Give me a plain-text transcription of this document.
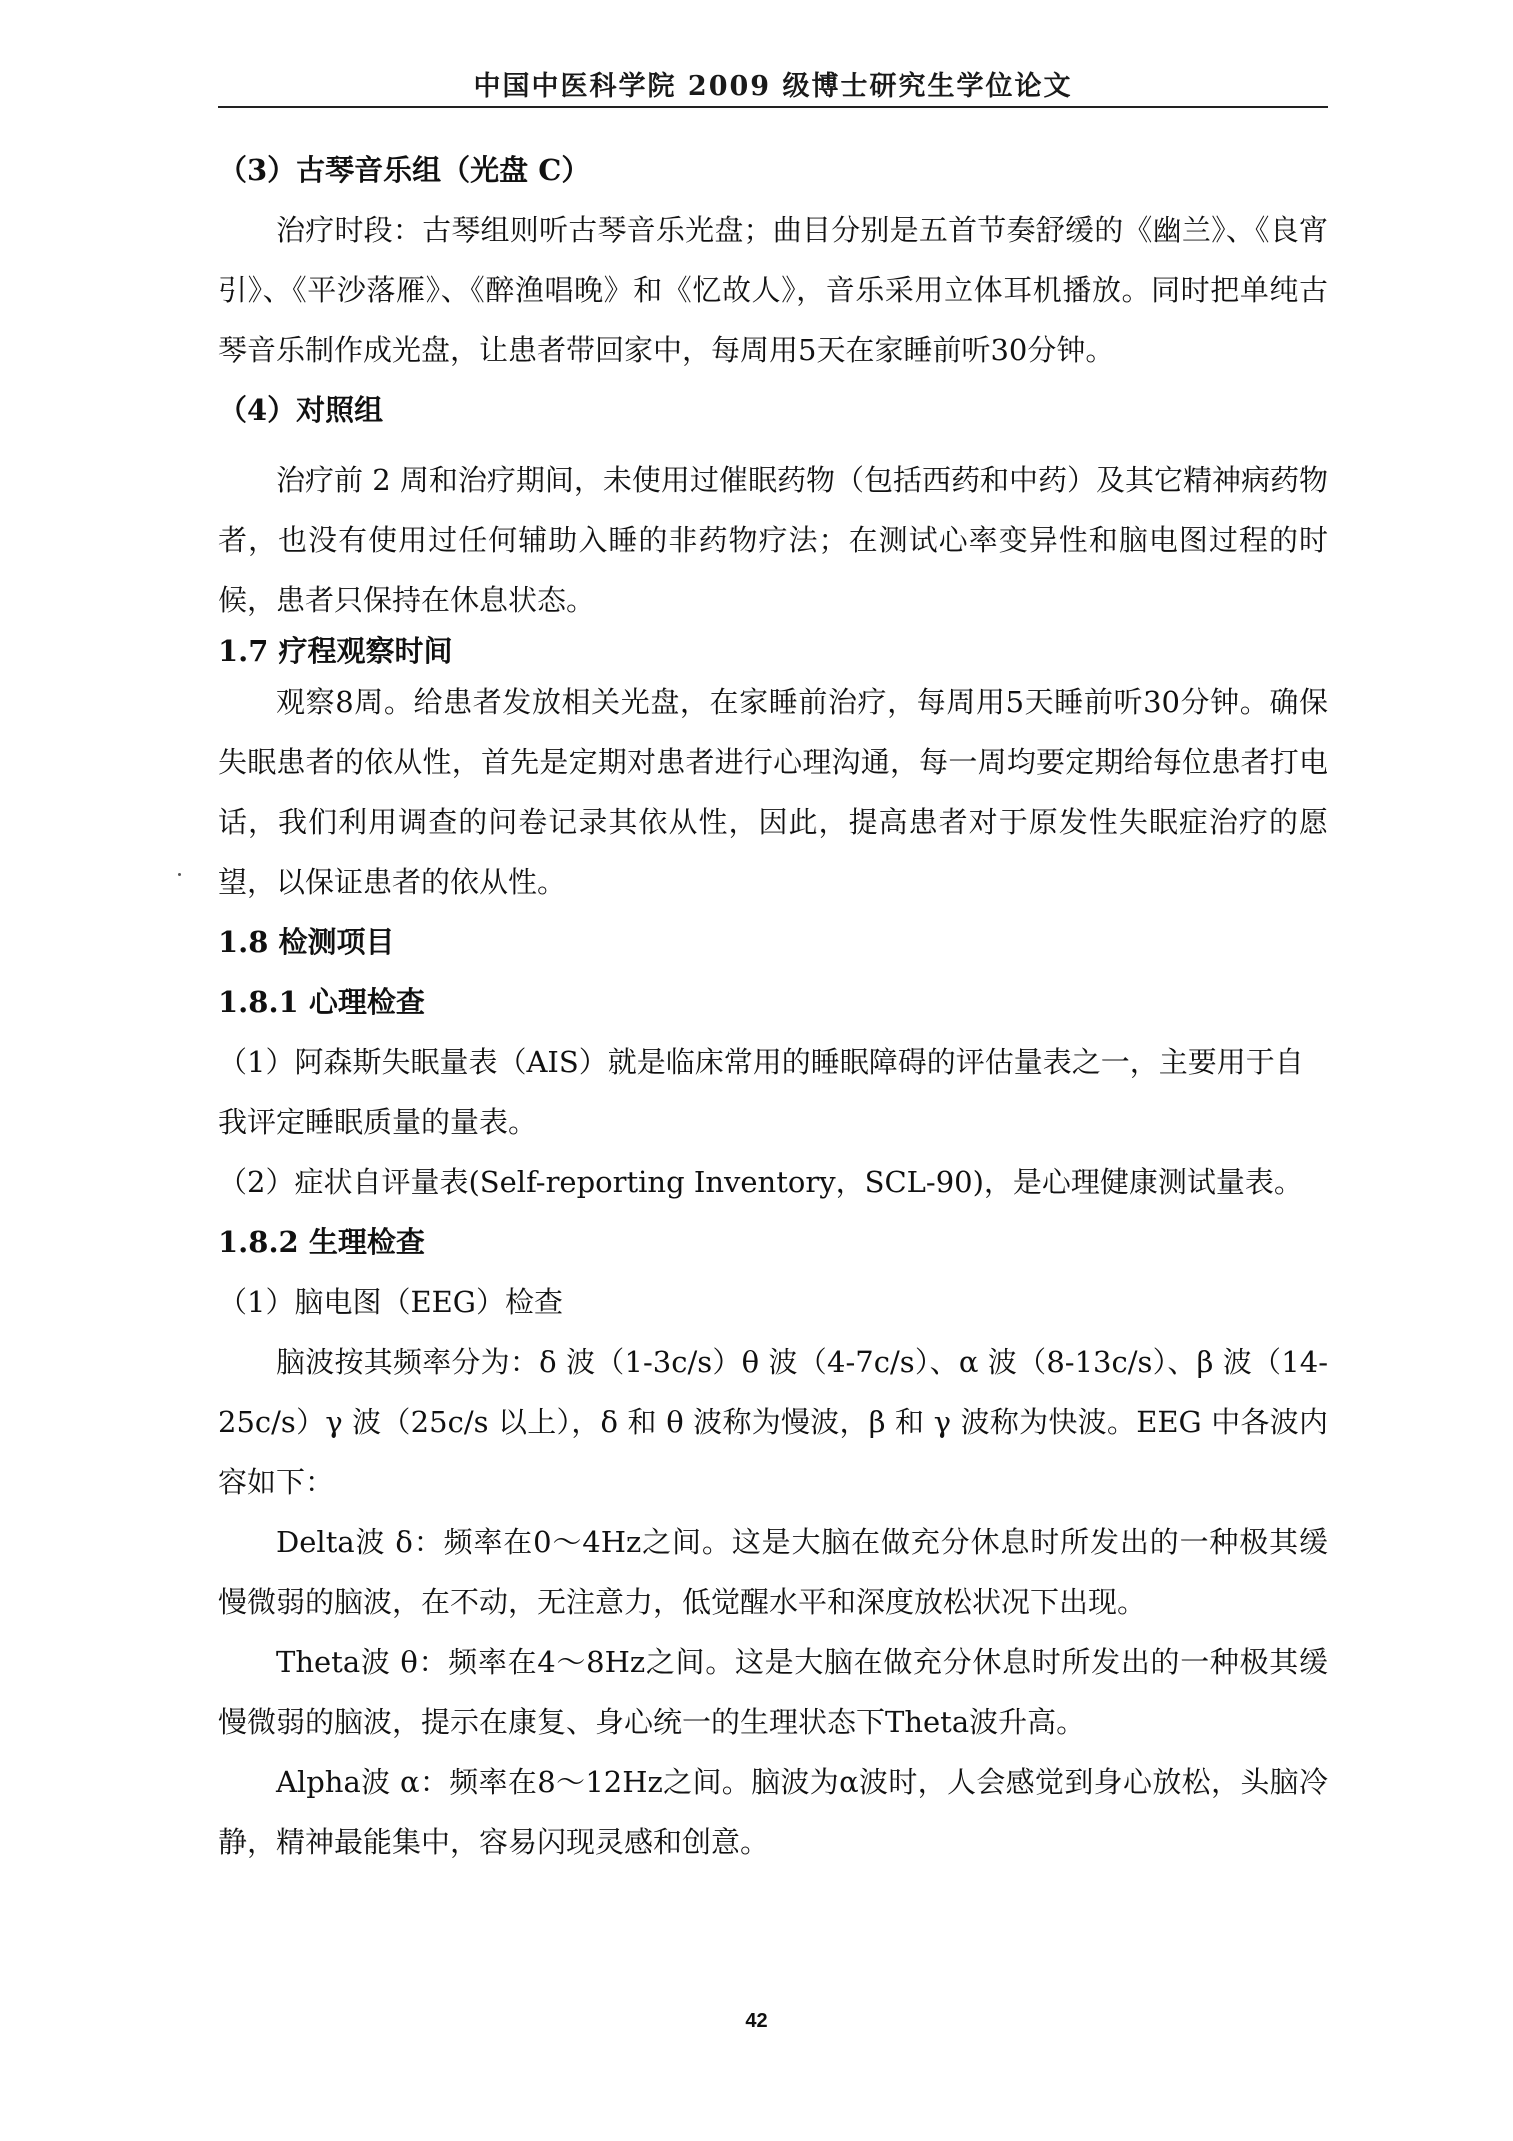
中国中医科学院 2009 级博士研究生学位论文

（3）古琴音乐组（光盘 C）

治疗时段：古琴组则听古琴音乐光盘；曲目分别是五首节奏舒缓的《幽兰》、《良宵引》、《平沙落雁》、《醉渔唱晚》和《忆故人》，音乐采用立体耳机播放。同时把单纯古琴音乐制作成光盘，让患者带回家中，每周用5天在家睡前听30分钟。

（4）对照组

治疗前 2 周和治疗期间，未使用过催眠药物（包括西药和中药）及其它精神病药物者，也没有使用过任何辅助入睡的非药物疗法；在测试心率变异性和脑电图过程的时候，患者只保持在休息状态。

1.7 疗程观察时间

观察8周。给患者发放相关光盘，在家睡前治疗，每周用5天睡前听30分钟。确保失眠患者的依从性，首先是定期对患者进行心理沟通，每一周均要定期给每位患者打电话，我们利用调查的问卷记录其依从性，因此，提高患者对于原发性失眠症治疗的愿望，以保证患者的依从性。

1.8 检测项目

1.8.1 心理检查

（1）阿森斯失眠量表（AIS）就是临床常用的睡眠障碍的评估量表之一，主要用于自我评定睡眠质量的量表。

（2）症状自评量表(Self-reporting Inventory，SCL-90)，是心理健康测试量表。

1.8.2 生理检查

（1）脑电图（EEG）检查

脑波按其频率分为：δ 波（1-3c/s）θ 波（4-7c/s）、α 波（8-13c/s）、β 波（14-25c/s）γ 波（25c/s 以上），δ 和 θ 波称为慢波，β 和 γ 波称为快波。EEG 中各波内容如下：

Delta波 δ：频率在0～4Hz之间。这是大脑在做充分休息时所发出的一种极其缓慢微弱的脑波，在不动，无注意力，低觉醒水平和深度放松状况下出现。

Theta波 θ：频率在4～8Hz之间。这是大脑在做充分休息时所发出的一种极其缓慢微弱的脑波，提示在康复、身心统一的生理状态下Theta波升高。

Alpha波 α：频率在8～12Hz之间。脑波为α波时，人会感觉到身心放松，头脑冷静，精神最能集中，容易闪现灵感和创意。

42
